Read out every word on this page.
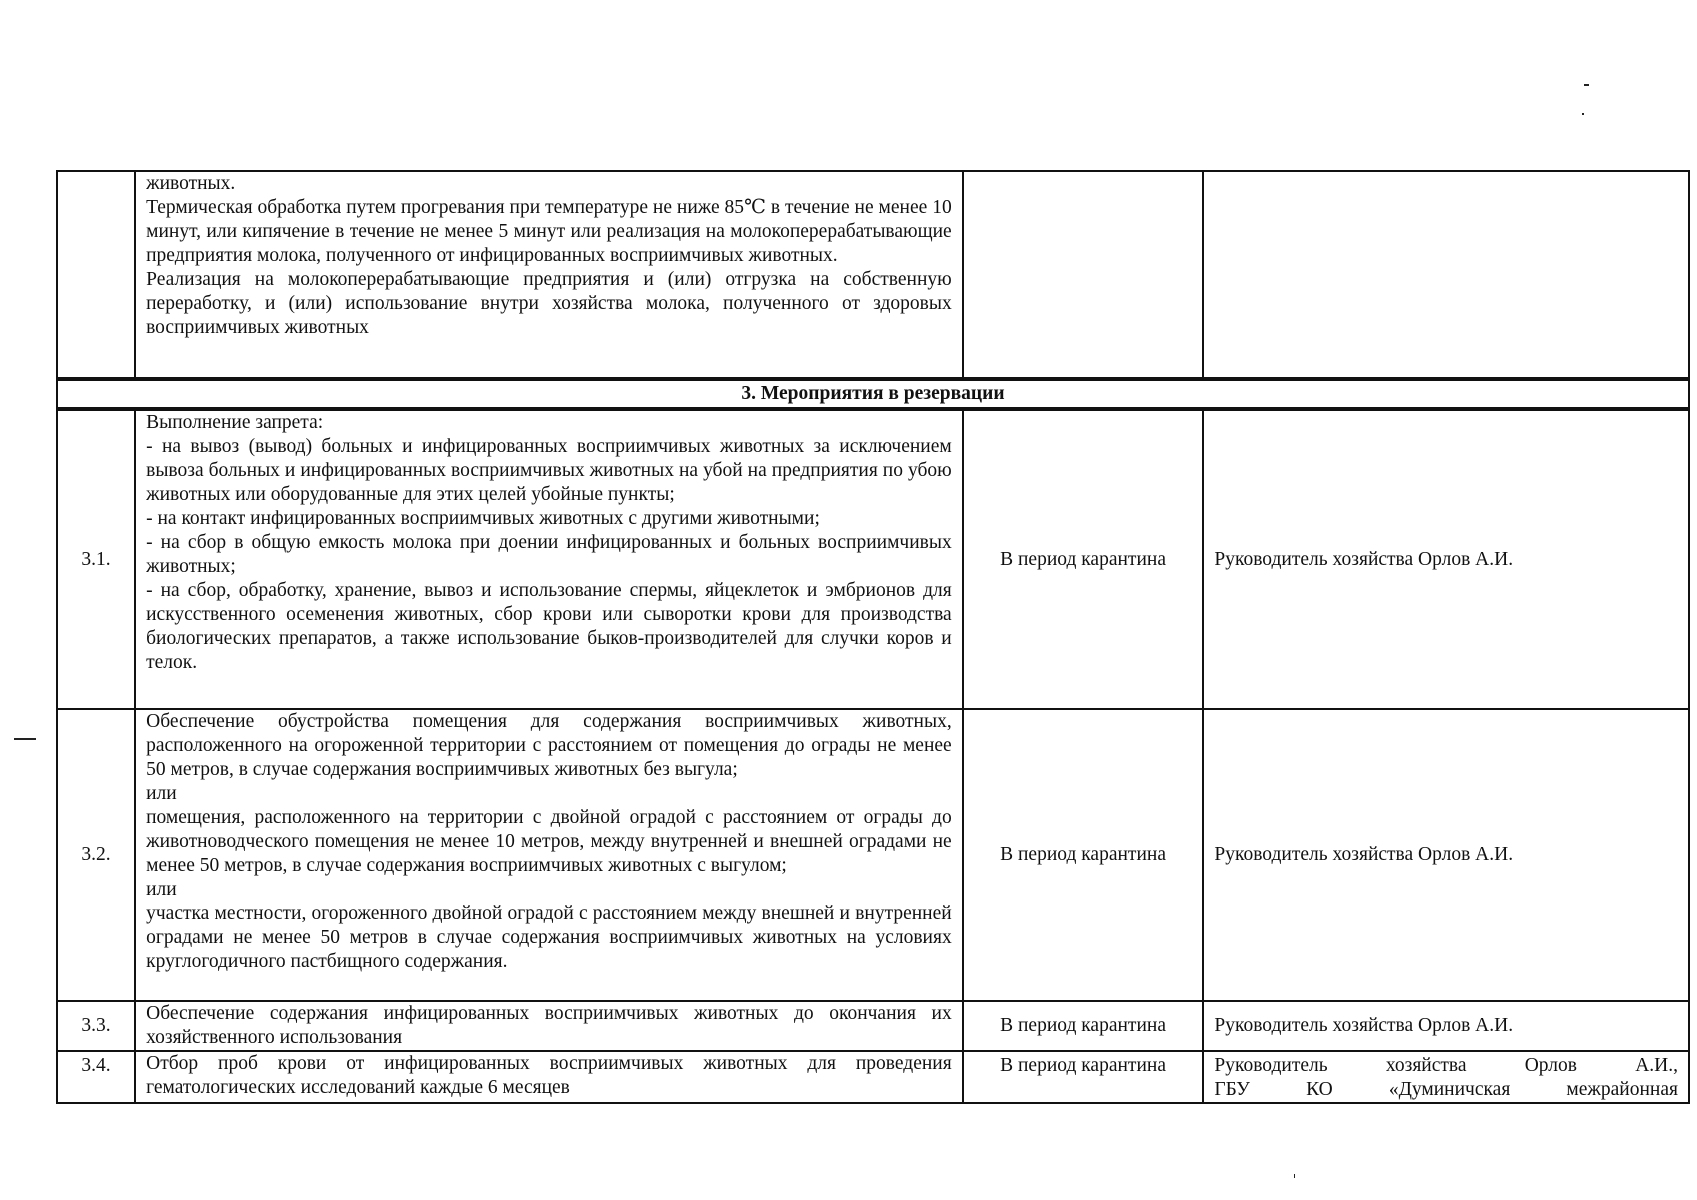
	животных.

Термическая обработка путем прогревания при температуре не ниже 85℃ в течение не менее 10 минут, или кипячение в течение не менее 5 минут или реализация на молокоперерабатывающие предприятия молока, полученного от инфицированных восприимчивых животных.

Реализация на молокоперерабатывающие предприятия и (или) отгрузка на собственную переработку, и (или) использование внутри хозяйства молока, полученного от здоровых восприимчивых животных		

3. Мероприятия в резервации			
3.1.	Выполнение запрета:

- на вывоз (вывод) больных и инфицированных восприимчивых животных за исключением вывоза больных и инфицированных восприимчивых животных на убой на предприятия по убою животных или оборудованные для этих целей убойные пункты;

- на контакт инфицированных восприимчивых животных с другими животными;

- на сбор в общую емкость молока при доении инфицированных и больных восприимчивых животных;

- на сбор, обработку, хранение, вывоз и использование спермы, яйцеклеток и эмбрионов для искусственного осеменения животных, сбор крови или сыворотки крови для производства биологических препаратов, а также использование быков-производителей для случки коров и телок.	В период карантина	Руководитель хозяйства Орлов А.И.
3.2.	Обеспечение обустройства помещения для содержания восприимчивых животных, расположенного на огороженной территории с расстоянием от помещения до ограды не менее 50 метров, в случае содержания восприимчивых животных без выгула;

или

помещения, расположенного на территории с двойной оградой с расстоянием от ограды до животноводческого помещения не менее 10 метров, между внутренней и внешней оградами не менее 50 метров, в случае содержания восприимчивых животных с выгулом;

или

участка местности, огороженного двойной оградой с расстоянием между внешней и внутренней оградами не менее 50 метров в случае содержания восприимчивых животных на условиях круглогодичного пастбищного содержания.	В период карантина	Руководитель хозяйства Орлов А.И.
3.3.	Обеспечение содержания инфицированных восприимчивых животных до окончания их хозяйственного использования	В период карантина	Руководитель хозяйства Орлов А.И.
3.4.	Отбор проб крови от инфицированных восприимчивых животных для проведения гематологических исследований каждые 6 месяцев	В период карантина	Руководитель хозяйства Орлов А.И.,
ГБУ КО «Думиничская межрайонная
